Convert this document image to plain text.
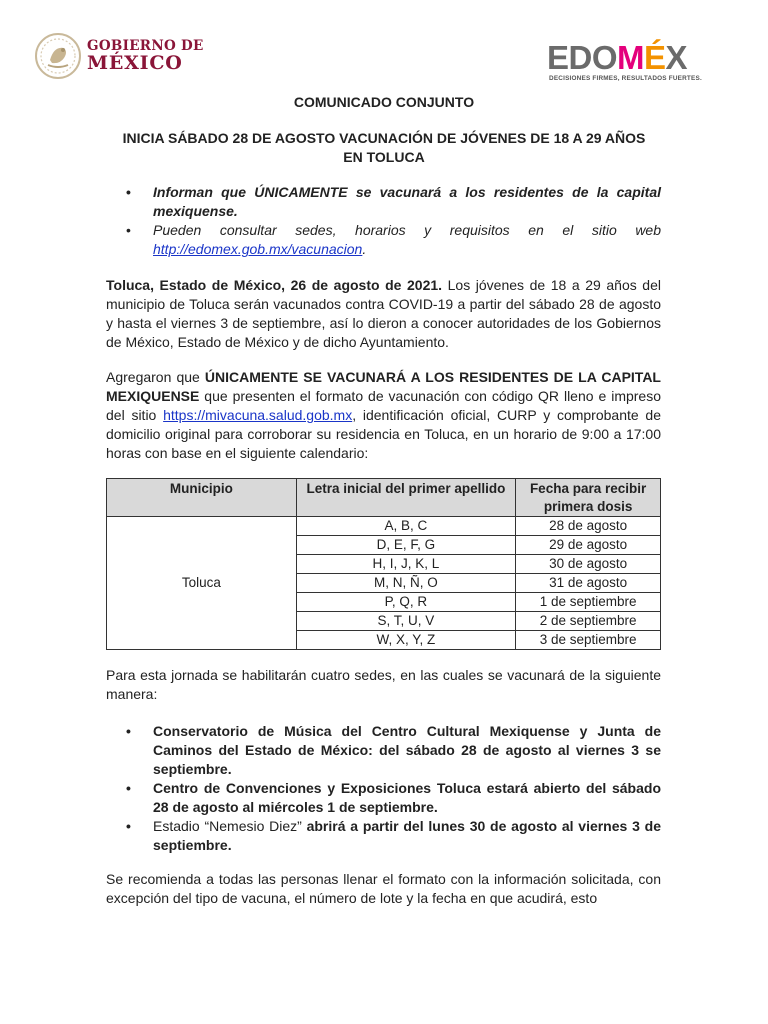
GOBIERNO DE
MÉXICO	EDOMÉX
DECISIONES FIRMES, RESULTADOS FUERTES.
COMUNICADO CONJUNTO
INICIA SÁBADO 28 DE AGOSTO VACUNACIÓN DE JÓVENES DE 18 A 29 AÑOS
EN TOLUCA
• Informan que ÚNICAMENTE se vacunará a los residentes de la capital mexiquense.
• Pueden consultar sedes, horarios y requisitos en el sitio web http://edomex.gob.mx/vacunacion.
Toluca, Estado de México, 26 de agosto de 2021. Los jóvenes de 18 a 29 años del municipio de Toluca serán vacunados contra COVID-19 a partir del sábado 28 de agosto y hasta el viernes 3 de septiembre, así lo dieron a conocer autoridades de los Gobiernos de México, Estado de México y de dicho Ayuntamiento.
Agregaron que ÚNICAMENTE SE VACUNARÁ A LOS RESIDENTES DE LA CAPITAL MEXIQUENSE que presenten el formato de vacunación con código QR lleno e impreso del sitio https://mivacuna.salud.gob.mx, identificación oficial, CURP y comprobante de domicilio original para corroborar su residencia en Toluca, en un horario de 9:00 a 17:00 horas con base en el siguiente calendario:
Municipio	Letra inicial del primer apellido	Fecha para recibir primera dosis
Toluca	A, B, C	28 de agosto
	D, E, F, G	29 de agosto
	H, I, J, K, L	30 de agosto
	M, N, Ñ, O	31 de agosto
	P, Q, R	1 de septiembre
	S, T, U, V	2 de septiembre
	W, X, Y, Z	3 de septiembre
Para esta jornada se habilitarán cuatro sedes, en las cuales se vacunará de la siguiente manera:
• Conservatorio de Música del Centro Cultural Mexiquense y Junta de Caminos del Estado de México: del sábado 28 de agosto al viernes 3 se septiembre.
• Centro de Convenciones y Exposiciones Toluca estará abierto del sábado 28 de agosto al miércoles 1 de septiembre.
• Estadio “Nemesio Diez” abrirá a partir del lunes 30 de agosto al viernes 3 de septiembre.
Se recomienda a todas las personas llenar el formato con la información solicitada, con excepción del tipo de vacuna, el número de lote y la fecha en que acudirá, esto
